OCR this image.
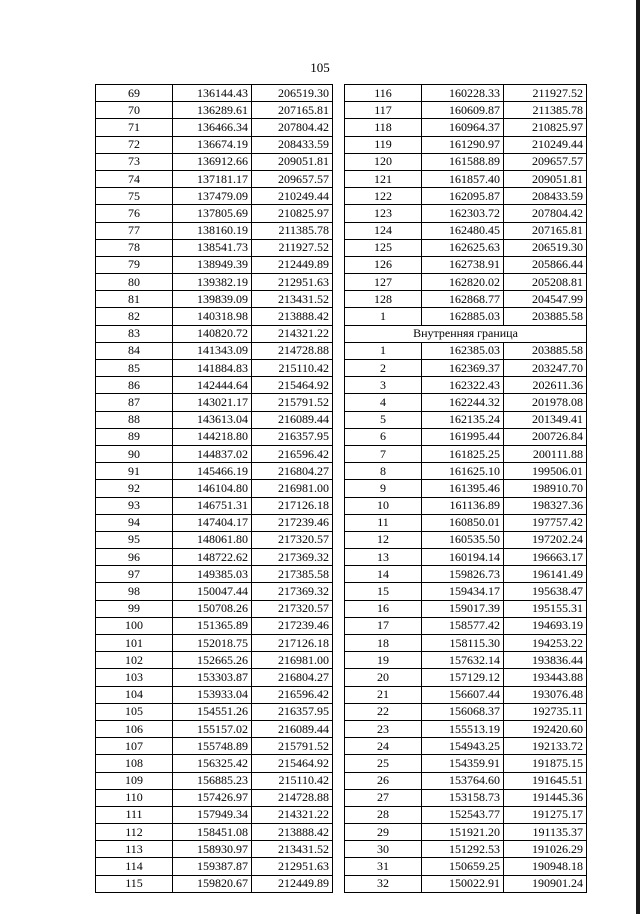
105
69	136144.43	206519.30
70	136289.61	207165.81
71	136466.34	207804.42
72	136674.19	208433.59
73	136912.66	209051.81
74	137181.17	209657.57
75	137479.09	210249.44
76	137805.69	210825.97
77	138160.19	211385.78
78	138541.73	211927.52
79	138949.39	212449.89
80	139382.19	212951.63
81	139839.09	213431.52
82	140318.98	213888.42
83	140820.72	214321.22
84	141343.09	214728.88
85	141884.83	215110.42
86	142444.64	215464.92
87	143021.17	215791.52
88	143613.04	216089.44
89	144218.80	216357.95
90	144837.02	216596.42
91	145466.19	216804.27
92	146104.80	216981.00
93	146751.31	217126.18
94	147404.17	217239.46
95	148061.80	217320.57
96	148722.62	217369.32
97	149385.03	217385.58
98	150047.44	217369.32
99	150708.26	217320.57
100	151365.89	217239.46
101	152018.75	217126.18
102	152665.26	216981.00
103	153303.87	216804.27
104	153933.04	216596.42
105	154551.26	216357.95
106	155157.02	216089.44
107	155748.89	215791.52
108	156325.42	215464.92
109	156885.23	215110.42
110	157426.97	214728.88
111	157949.34	214321.22
112	158451.08	213888.42
113	158930.97	213431.52
114	159387.87	212951.63
115	159820.67	212449.89
116	160228.33	211927.52
117	160609.87	211385.78
118	160964.37	210825.97
119	161290.97	210249.44
120	161588.89	209657.57
121	161857.40	209051.81
122	162095.87	208433.59
123	162303.72	207804.42
124	162480.45	207165.81
125	162625.63	206519.30
126	162738.91	205866.44
127	162820.02	205208.81
128	162868.77	204547.99
1	162885.03	203885.58
Внутренняя граница		
1	162385.03	203885.58
2	162369.37	203247.70
3	162322.43	202611.36
4	162244.32	201978.08
5	162135.24	201349.41
6	161995.44	200726.84
7	161825.25	200111.88
8	161625.10	199506.01
9	161395.46	198910.70
10	161136.89	198327.36
11	160850.01	197757.42
12	160535.50	197202.24
13	160194.14	196663.17
14	159826.73	196141.49
15	159434.17	195638.47
16	159017.39	195155.31
17	158577.42	194693.19
18	158115.30	194253.22
19	157632.14	193836.44
20	157129.12	193443.88
21	156607.44	193076.48
22	156068.37	192735.11
23	155513.19	192420.60
24	154943.25	192133.72
25	154359.91	191875.15
26	153764.60	191645.51
27	153158.73	191445.36
28	152543.77	191275.17
29	151921.20	191135.37
30	151292.53	191026.29
31	150659.25	190948.18
32	150022.91	190901.24
